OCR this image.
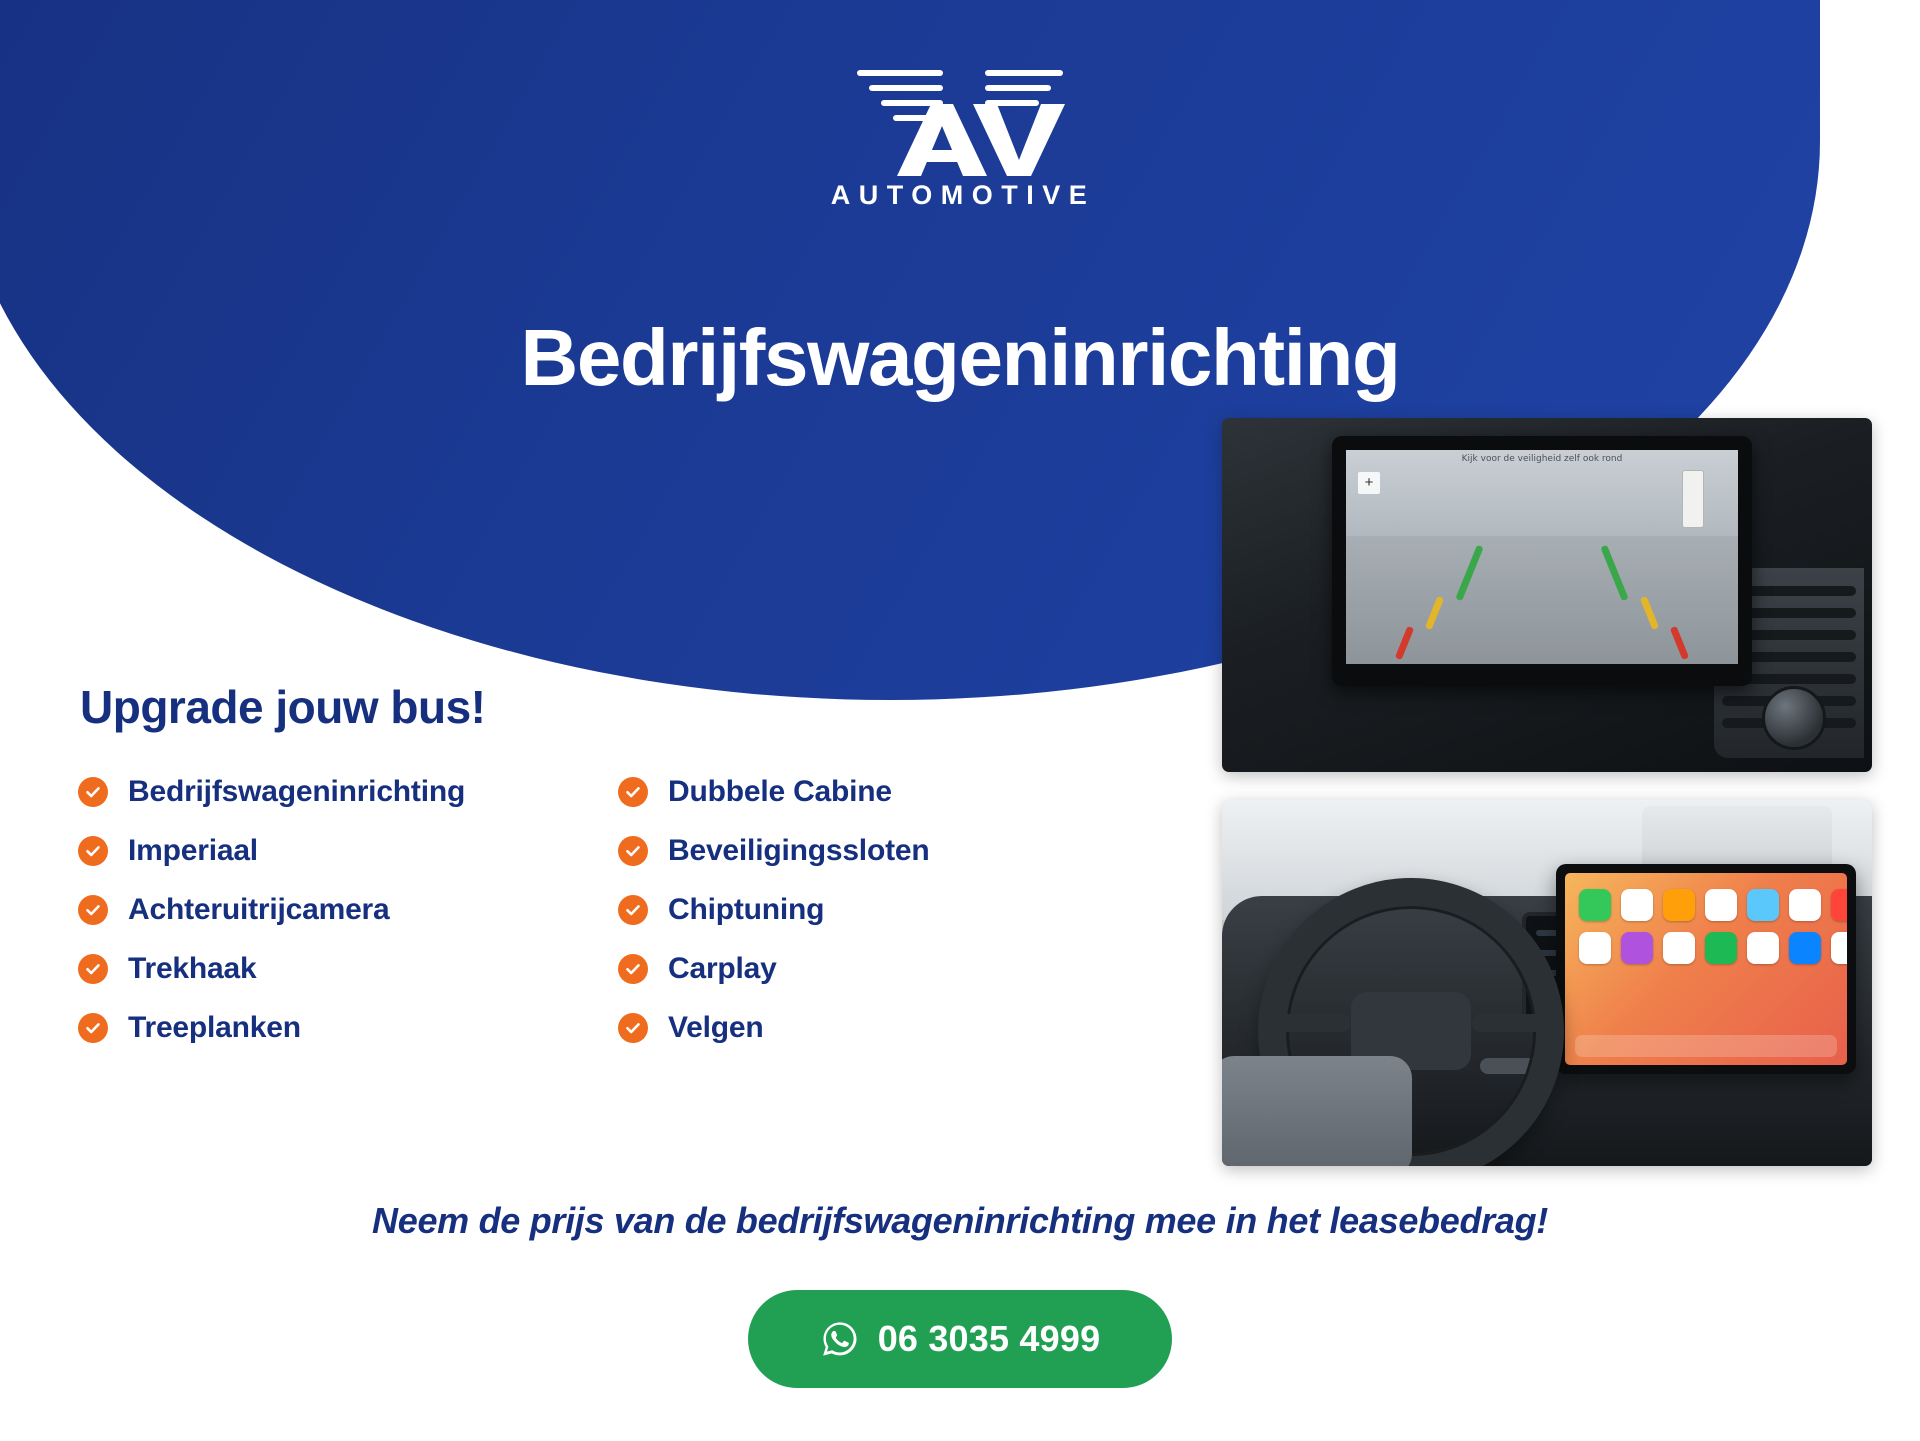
AUTOMOTIVE
Bedrijfswageninrichting
Upgrade jouw bus!
Bedrijfswageninrichting
Imperiaal
Achteruitrijcamera
Trekhaak
Treeplanken
Dubbele Cabine
Beveiligingssloten
Chiptuning
Carplay
Velgen
Kijk voor de veiligheid zelf ook rond
+
Neem de prijs van de bedrijfswageninrichting mee in het leasebedrag!
06 3035 4999
